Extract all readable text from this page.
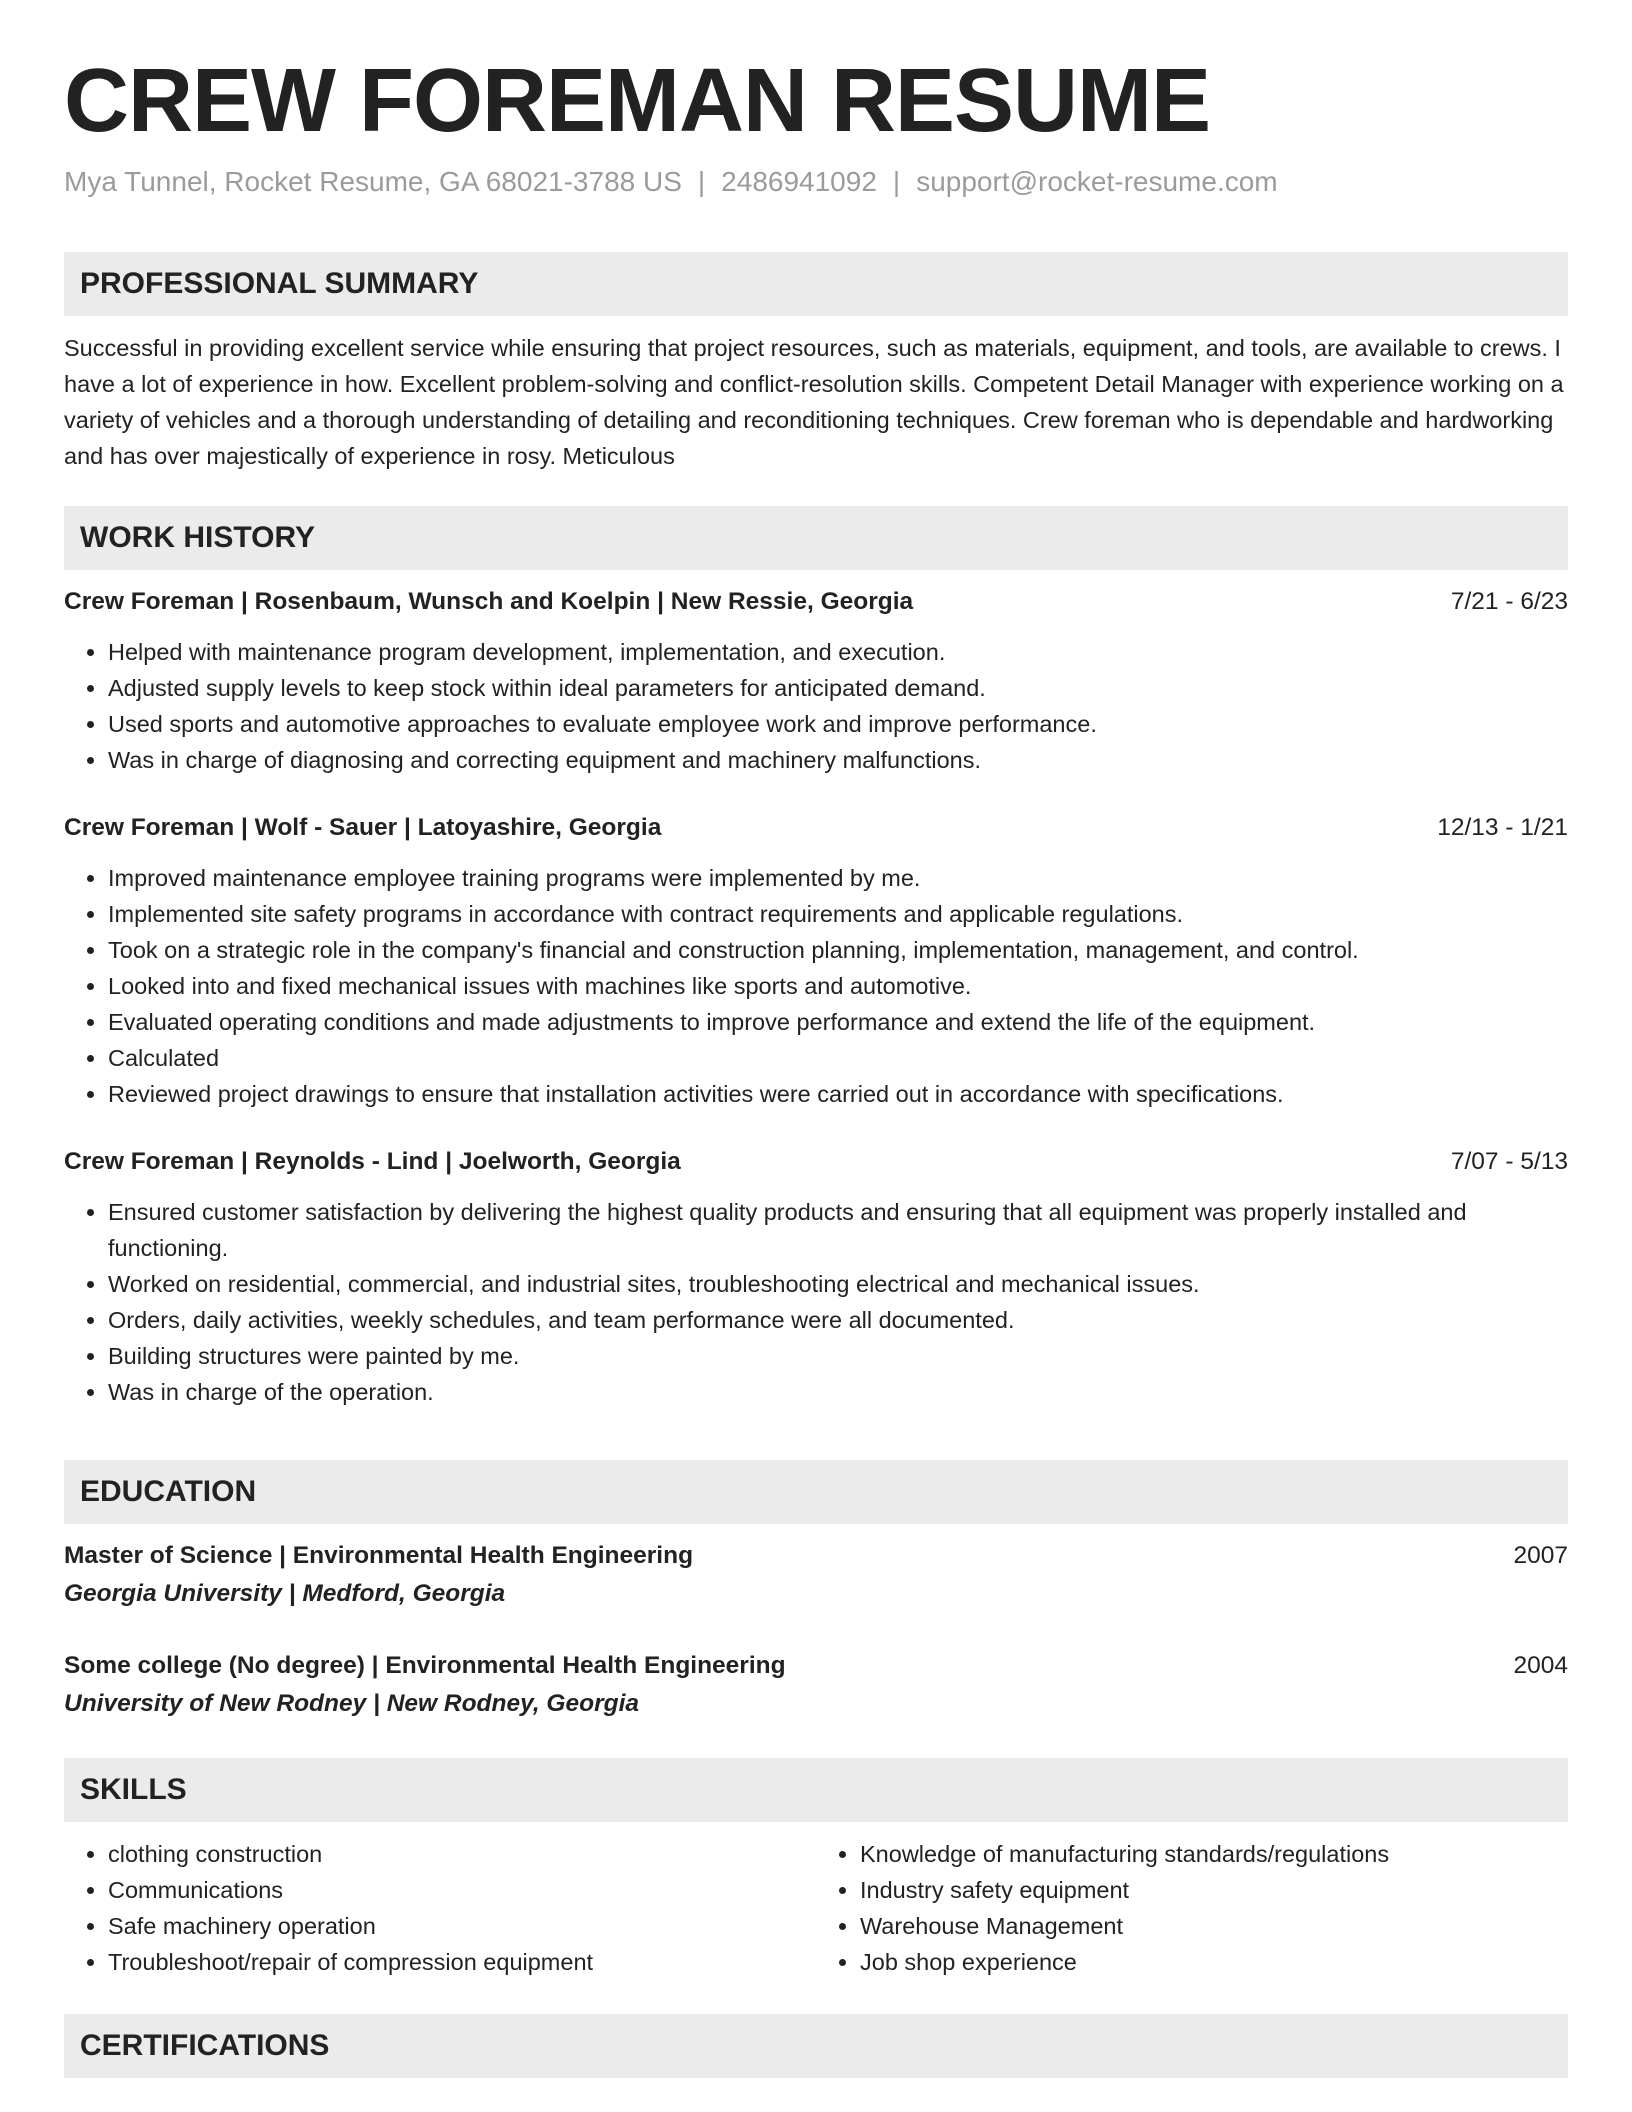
CREW FOREMAN RESUME
Mya Tunnel, Rocket Resume, GA 68021-3788 US | 2486941092 | support@rocket-resume.com
PROFESSIONAL SUMMARY

Successful in providing excellent service while ensuring that project resources, such as materials, equipment, and tools, are available to crews. I have a lot of experience in how. Excellent problem-solving and conflict-resolution skills. Competent Detail Manager with experience working on a variety of vehicles and a thorough understanding of detailing and reconditioning techniques. Crew foreman who is dependable and hardworking and has over majestically of experience in rosy. Meticulous

WORK HISTORY
Crew Foreman | Rosenbaum, Wunsch and Koelpin | New Ressie, Georgia	7/21 - 6/23
• Helped with maintenance program development, implementation, and execution.
• Adjusted supply levels to keep stock within ideal parameters for anticipated demand.
• Used sports and automotive approaches to evaluate employee work and improve performance.
• Was in charge of diagnosing and correcting equipment and machinery malfunctions.
Crew Foreman | Wolf - Sauer | Latoyashire, Georgia	12/13 - 1/21
• Improved maintenance employee training programs were implemented by me.
• Implemented site safety programs in accordance with contract requirements and applicable regulations.
• Took on a strategic role in the company's financial and construction planning, implementation, management, and control.
• Looked into and fixed mechanical issues with machines like sports and automotive.
• Evaluated operating conditions and made adjustments to improve performance and extend the life of the equipment.
• Calculated
• Reviewed project drawings to ensure that installation activities were carried out in accordance with specifications.
Crew Foreman | Reynolds - Lind | Joelworth, Georgia	7/07 - 5/13
• Ensured customer satisfaction by delivering the highest quality products and ensuring that all equipment was properly installed and functioning.
• Worked on residential, commercial, and industrial sites, troubleshooting electrical and mechanical issues.
• Orders, daily activities, weekly schedules, and team performance were all documented.
• Building structures were painted by me.
• Was in charge of the operation.
EDUCATION
Master of Science | Environmental Health Engineering	2007
Georgia University | Medford, Georgia
Some college (No degree) | Environmental Health Engineering	2004
University of New Rodney | New Rodney, Georgia
SKILLS
• clothing construction
• Communications
• Safe machinery operation
• Troubleshoot/repair of compression equipment
• Knowledge of manufacturing standards/regulations
• Industry safety equipment
• Warehouse Management
• Job shop experience
CERTIFICATIONS
